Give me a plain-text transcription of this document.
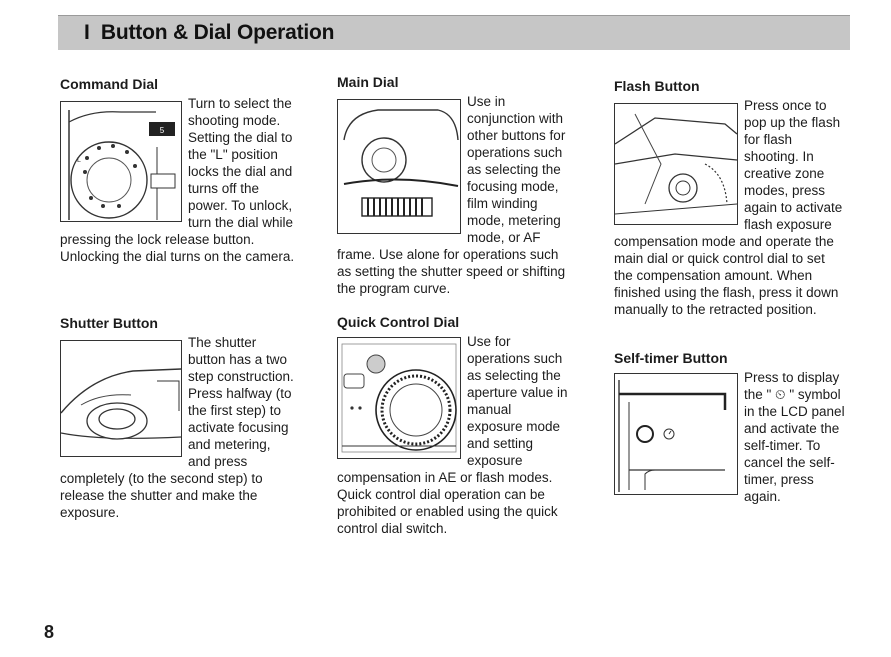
I Button & Dial Operation
Command Dial
5
L

Turn to select the shooting mode. Setting the dial to the "L" position locks the dial and turns off the power. To unlock, turn the dial while pressing the lock release button. Unlocking the dial turns on the camera.

Shutter Button

The shutter button has a two step construction. Press halfway (to the first step) to activate focusing and metering, and press completely (to the second step) to release the shutter and make the exposure.

Main Dial

Use in conjunction with other buttons for operations such as selecting the focusing mode, film winding mode, metering mode, or AF frame. Use alone for operations such as setting the shutter speed or shifting the program curve.

Quick Control Dial

Use for operations such as selecting the aperture value in manual exposure mode and setting exposure compensation in AE or flash modes. Quick control dial operation can be prohibited or enabled using the quick control dial switch.

Flash Button

Press once to pop up the flash for flash shooting. In creative zone modes, press again to activate flash exposure compensation mode and operate the main dial or quick control dial to set the compensation amount. When finished using the flash, press it down manually to the retracted position.

Self-timer Button

Press to display the " ⏲ " symbol in the LCD panel and activate the self-timer. To cancel the self-timer, press again.

8
